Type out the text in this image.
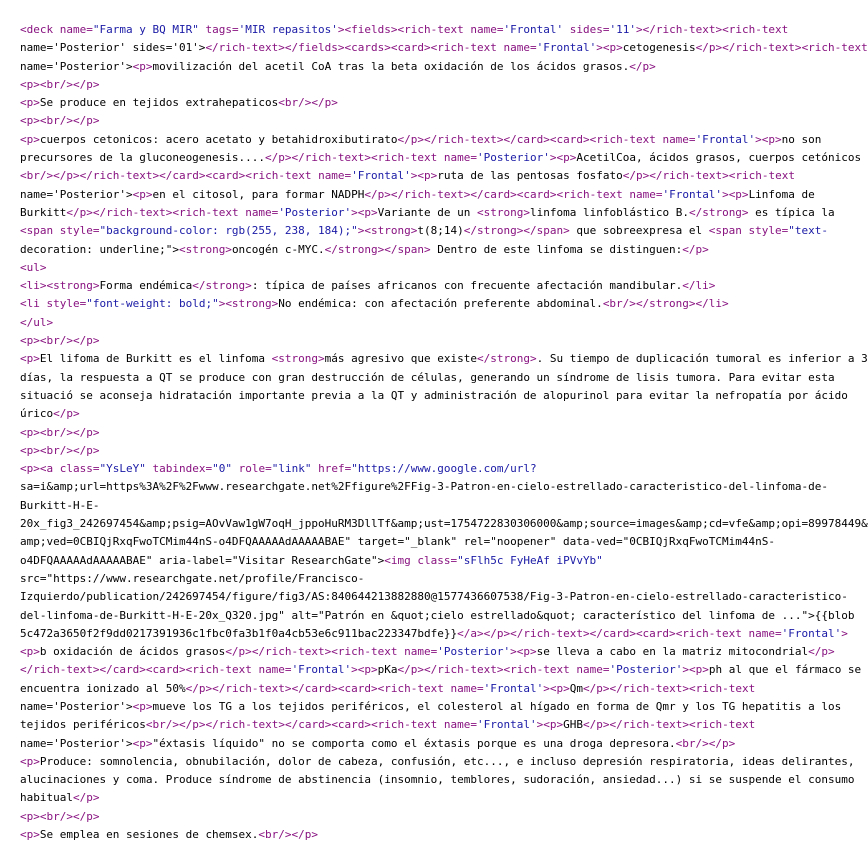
<deck name="Farma y BQ MIR" tags='MIR repasitos'><fields><rich-text name='Frontal' sides='11'></rich-text><rich-text
name='Posterior' sides='01'></rich-text></fields><cards><card><rich-text name='Frontal'><p>cetogenesis</p></rich-text><rich-text
name='Posterior'><p>movilización del acetil CoA tras la beta oxidación de los ácidos grasos.</p>
<p><br/></p>
<p>Se produce en tejidos extrahepaticos<br/></p>
<p><br/></p>
<p>cuerpos cetonicos: acero acetato y betahidroxibutirato</p></rich-text></card><card><rich-text name='Frontal'><p>no son
precursores de la gluconeogenesis....</p></rich-text><rich-text name='Posterior'><p>AcetilCoa, ácidos grasos, cuerpos cetónicos
<br/></p></rich-text></card><card><rich-text name='Frontal'><p>ruta de las pentosas fosfato</p></rich-text><rich-text
name='Posterior'><p>en el citosol, para formar NADPH</p></rich-text></card><card><rich-text name='Frontal'><p>Linfoma de
Burkitt</p></rich-text><rich-text name='Posterior'><p>Variante de un <strong>linfoma linfoblástico B.</strong> es típica la
<span style="background-color: rgb(255, 238, 184);"><strong>t(8;14)</strong></span> que sobreexpresa el <span style="text-
decoration: underline;"><strong>oncogén c-MYC.</strong></span> Dentro de este linfoma se distinguen:</p>
<ul>
<li><strong>Forma endémica</strong>: típica de países africanos con frecuente afectación mandibular.</li>
<li style="font-weight: bold;"><strong>No endémica: con afectación preferente abdominal.<br/></strong></li>
</ul>
<p><br/></p>
<p>El lifoma de Burkitt es el linfoma <strong>más agresivo que existe</strong>. Su tiempo de duplicación tumoral es inferior a 3
días, la respuesta a QT se produce con gran destrucción de células, generando un síndrome de lisis tumora. Para evitar esta
situació se aconseja hidratación importante previa a la QT y administración de alopurinol para evitar la nefropatía por ácido
úrico</p>
<p><br/></p>
<p><br/></p>
<p><a class="YsLeY" tabindex="0" role="link" href="https://www.google.com/url?
sa=i&amp;url=https%3A%2F%2Fwww.researchgate.net%2Ffigure%2FFig-3-Patron-en-cielo-estrellado-caracteristico-del-linfoma-de-
Burkitt-H-E-
20x_fig3_242697454&amp;psig=AOvVaw1gW7oqH_jppoHuRM3DllTf&amp;ust=1754722830306000&amp;source=images&amp;cd=vfe&amp;opi=89978449&
amp;ved=0CBIQjRxqFwoTCMim44nS-o4DFQAAAAAdAAAAABAE" target="_blank" rel="noopener" data-ved="0CBIQjRxqFwoTCMim44nS-
o4DFQAAAAAdAAAAABAE" aria-label="Visitar ResearchGate"><img class="sFlh5c FyHeAf iPVvYb"
src="https://www.researchgate.net/profile/Francisco-
Izquierdo/publication/242697454/figure/fig3/AS:840644213882880@1577436607538/Fig-3-Patron-en-cielo-estrellado-caracteristico-
del-linfoma-de-Burkitt-H-E-20x_Q320.jpg" alt="Patrón en &quot;cielo estrellado&quot; característico del linfoma de ...">{{blob
5c472a3650f2f9dd0217391936c1fbc0fa3b1f0a4cb53e6c911bac223347bdfe}}</a></p></rich-text></card><card><rich-text name='Frontal'>
<p>b oxidación de ácidos grasos</p></rich-text><rich-text name='Posterior'><p>se lleva a cabo en la matriz mitocondrial</p>
</rich-text></card><card><rich-text name='Frontal'><p>pKa</p></rich-text><rich-text name='Posterior'><p>ph al que el fármaco se
encuentra ionizado al 50%</p></rich-text></card><card><rich-text name='Frontal'><p>Qm</p></rich-text><rich-text
name='Posterior'><p>mueve los TG a los tejidos periféricos, el colesterol al hígado en forma de Qmr y los TG hepatitis a los
tejidos periféricos<br/></p></rich-text></card><card><rich-text name='Frontal'><p>GHB</p></rich-text><rich-text
name='Posterior'><p>"éxtasis líquido" no se comporta como el éxtasis porque es una droga depresora.<br/></p>
<p>Produce: somnolencia, obnubilación, dolor de cabeza, confusión, etc..., e incluso depresión respiratoria, ideas delirantes,
alucinaciones y coma. Produce síndrome de abstinencia (insomnio, temblores, sudoración, ansiedad...) si se suspende el consumo
habitual</p>
<p><br/></p>
<p>Se emplea en sesiones de chemsex.<br/></p>
